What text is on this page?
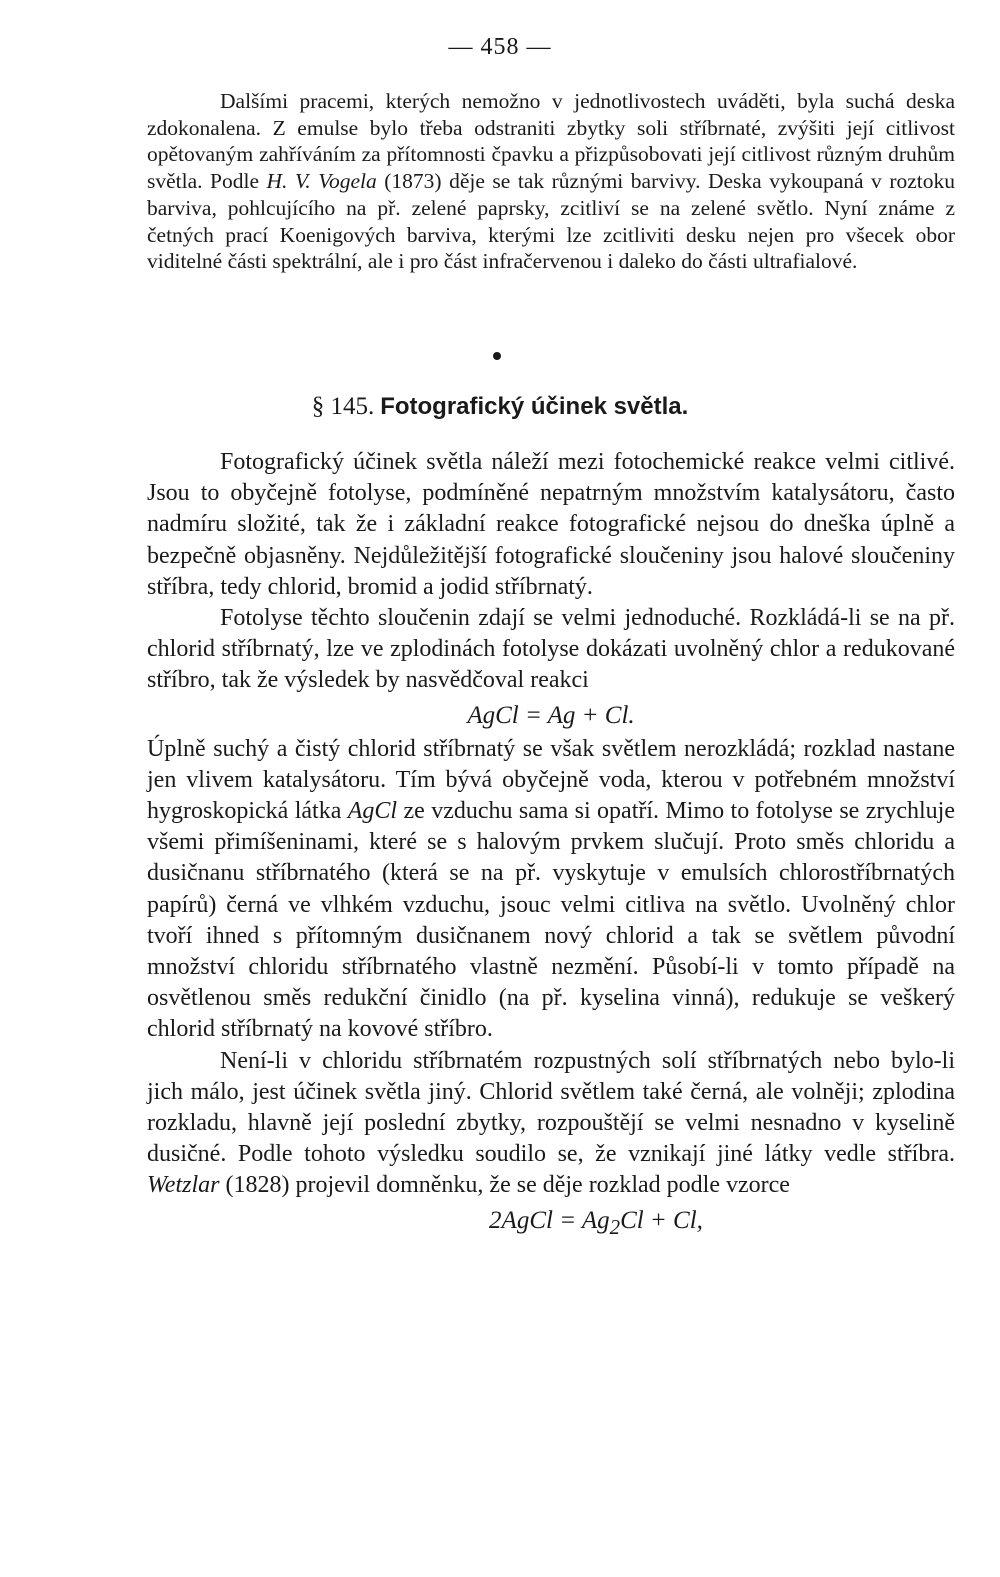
— 458 —

Dalšími pracemi, kterých nemožno v jednotlivostech uváděti, byla suchá deska zdokonalena. Z emulse bylo třeba odstraniti zbytky soli stříbrnaté, zvýšiti její citlivost opětovaným zahříváním za přítomnosti čpavku a přizpůsobovati její citlivost různým druhům světla. Podle H. V. Vogela (1873) děje se tak různými barvivy. Deska vykoupaná v roztoku barviva, pohlcujícího na př. zelené paprsky, zcitliví se na zelené světlo. Nyní známe z četných prací Koenigových barviva, kterými lze zcitliviti desku nejen pro všecek obor viditelné části spektrální, ale i pro část infračervenou i daleko do části ultrafialové.

§ 145. Fotografický účinek světla.

Fotografický účinek světla náleží mezi fotochemické reakce velmi citlivé. Jsou to obyčejně fotolyse, podmíněné nepatrným množstvím katalysátoru, často nadmíru složité, tak že i základní reakce fotografické nejsou do dneška úplně a bezpečně objasněny. Nejdůležitější fotografické sloučeniny jsou halové sloučeniny stříbra, tedy chlorid, bromid a jodid stříbrnatý.

Fotolyse těchto sloučenin zdají se velmi jednoduché. Rozkládá-li se na př. chlorid stříbrnatý, lze ve zplodinách fotolyse dokázati uvolněný chlor a redukované stříbro, tak že výsledek by nasvědčoval reakci

AgCl = Ag + Cl.

Úplně suchý a čistý chlorid stříbrnatý se však světlem nerozkládá; rozklad nastane jen vlivem katalysátoru. Tím bývá obyčejně voda, kterou v potřebném množství hygroskopická látka AgCl ze vzduchu sama si opatří. Mimo to fotolyse se zrychluje všemi přimíšeninami, které se s halovým prvkem slučují. Proto směs chloridu a dusičnanu stříbrnatého (která se na př. vyskytuje v emulsích chlorostříbrnatých papírů) černá ve vlhkém vzduchu, jsouc velmi citliva na světlo. Uvolněný chlor tvoří ihned s přítomným dusičnanem nový chlorid a tak se světlem původní množství chloridu stříbrnatého vlastně nezmění. Působí-li v tomto případě na osvětlenou směs redukční činidlo (na př. kyselina vinná), redukuje se veškerý chlorid stříbrnatý na kovové stříbro.

Není-li v chloridu stříbrnatém rozpustných solí stříbrnatých nebo bylo-li jich málo, jest účinek světla jiný. Chlorid světlem také černá, ale volněji; zplodina rozkladu, hlavně její poslední zbytky, rozpouštějí se velmi nesnadno v kyselině dusičné. Podle tohoto výsledku soudilo se, že vznikají jiné látky vedle stříbra. Wetzlar (1828) projevil domněnku, že se děje rozklad podle vzorce

2AgCl = $Ag_2Cl + Cl$,
